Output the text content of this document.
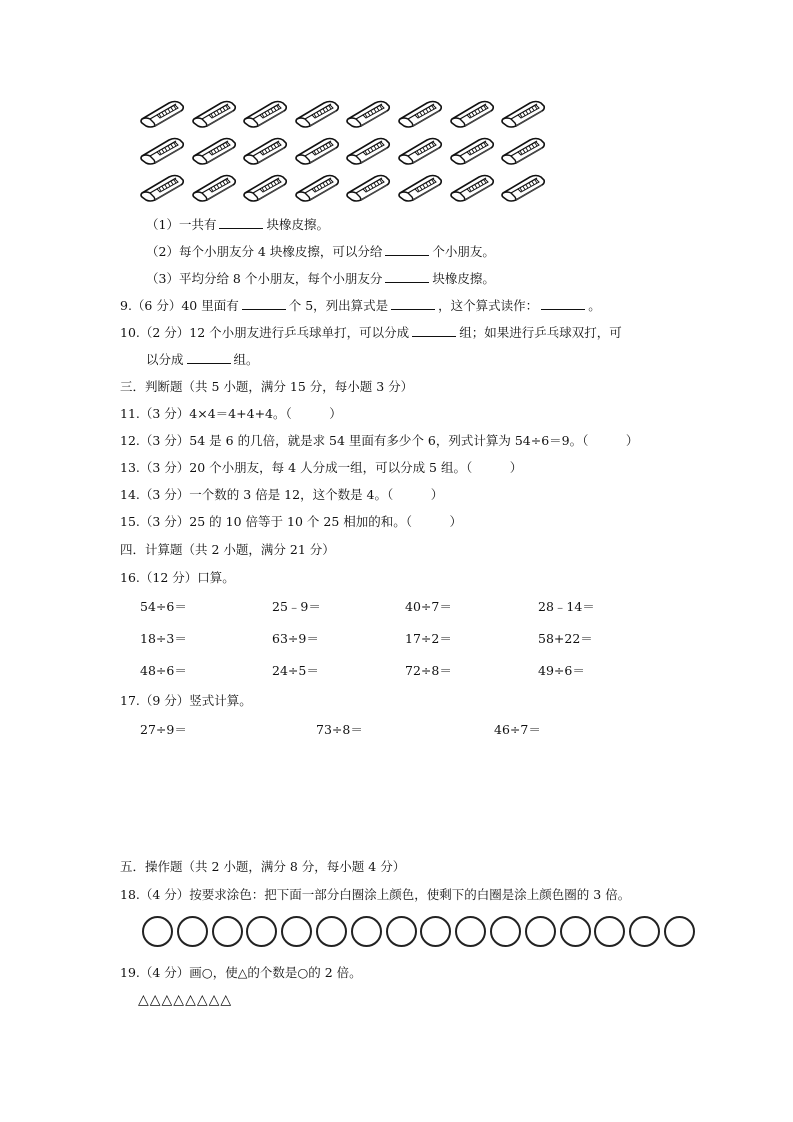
（1）一共有	块橡皮擦。
（2）每个小朋友分 4 块橡皮擦，可以分给	个小朋友。
（3）平均分给 8 个小朋友，每个小朋友分	块橡皮擦。
9.（6 分）40 里面有	个 5，列出算式是	，这个算式读作：	。
10.（2 分）12 个小朋友进行乒乓球单打，可以分成	组；如果进行乒乓球双打，可
以分成	组。
三．判断题（共 5 小题，满分 15 分，每小题 3 分）
11.（3 分）4×4＝4+4+4。（　　　）
12.（3 分）54 是 6 的几倍，就是求 54 里面有多少个 6，列式计算为 54÷6＝9。（　　　）
13.（3 分）20 个小朋友，每 4 人分成一组，可以分成 5 组。（　　　）
14.（3 分）一个数的 3 倍是 12，这个数是 4。（　　　）
15.（3 分）25 的 10 倍等于 10 个 25 相加的和。（　　　）
四．计算题（共 2 小题，满分 21 分）
16.（12 分）口算。
54÷6＝	25﹣9＝	40÷7＝	28﹣14＝
18÷3＝	63÷9＝	17÷2＝	58+22＝
48÷6＝	24÷5＝	72÷8＝	49÷6＝
17.（9 分）竖式计算。
27÷9＝	73÷8＝	46÷7＝
五．操作题（共 2 小题，满分 8 分，每小题 4 分）
18.（4 分）按要求涂色：把下面一部分白圈涂上颜色，使剩下的白圈是涂上颜色圈的 3 倍。
19.（4 分）画○，使△的个数是○的 2 倍。
△△△△△△△△
